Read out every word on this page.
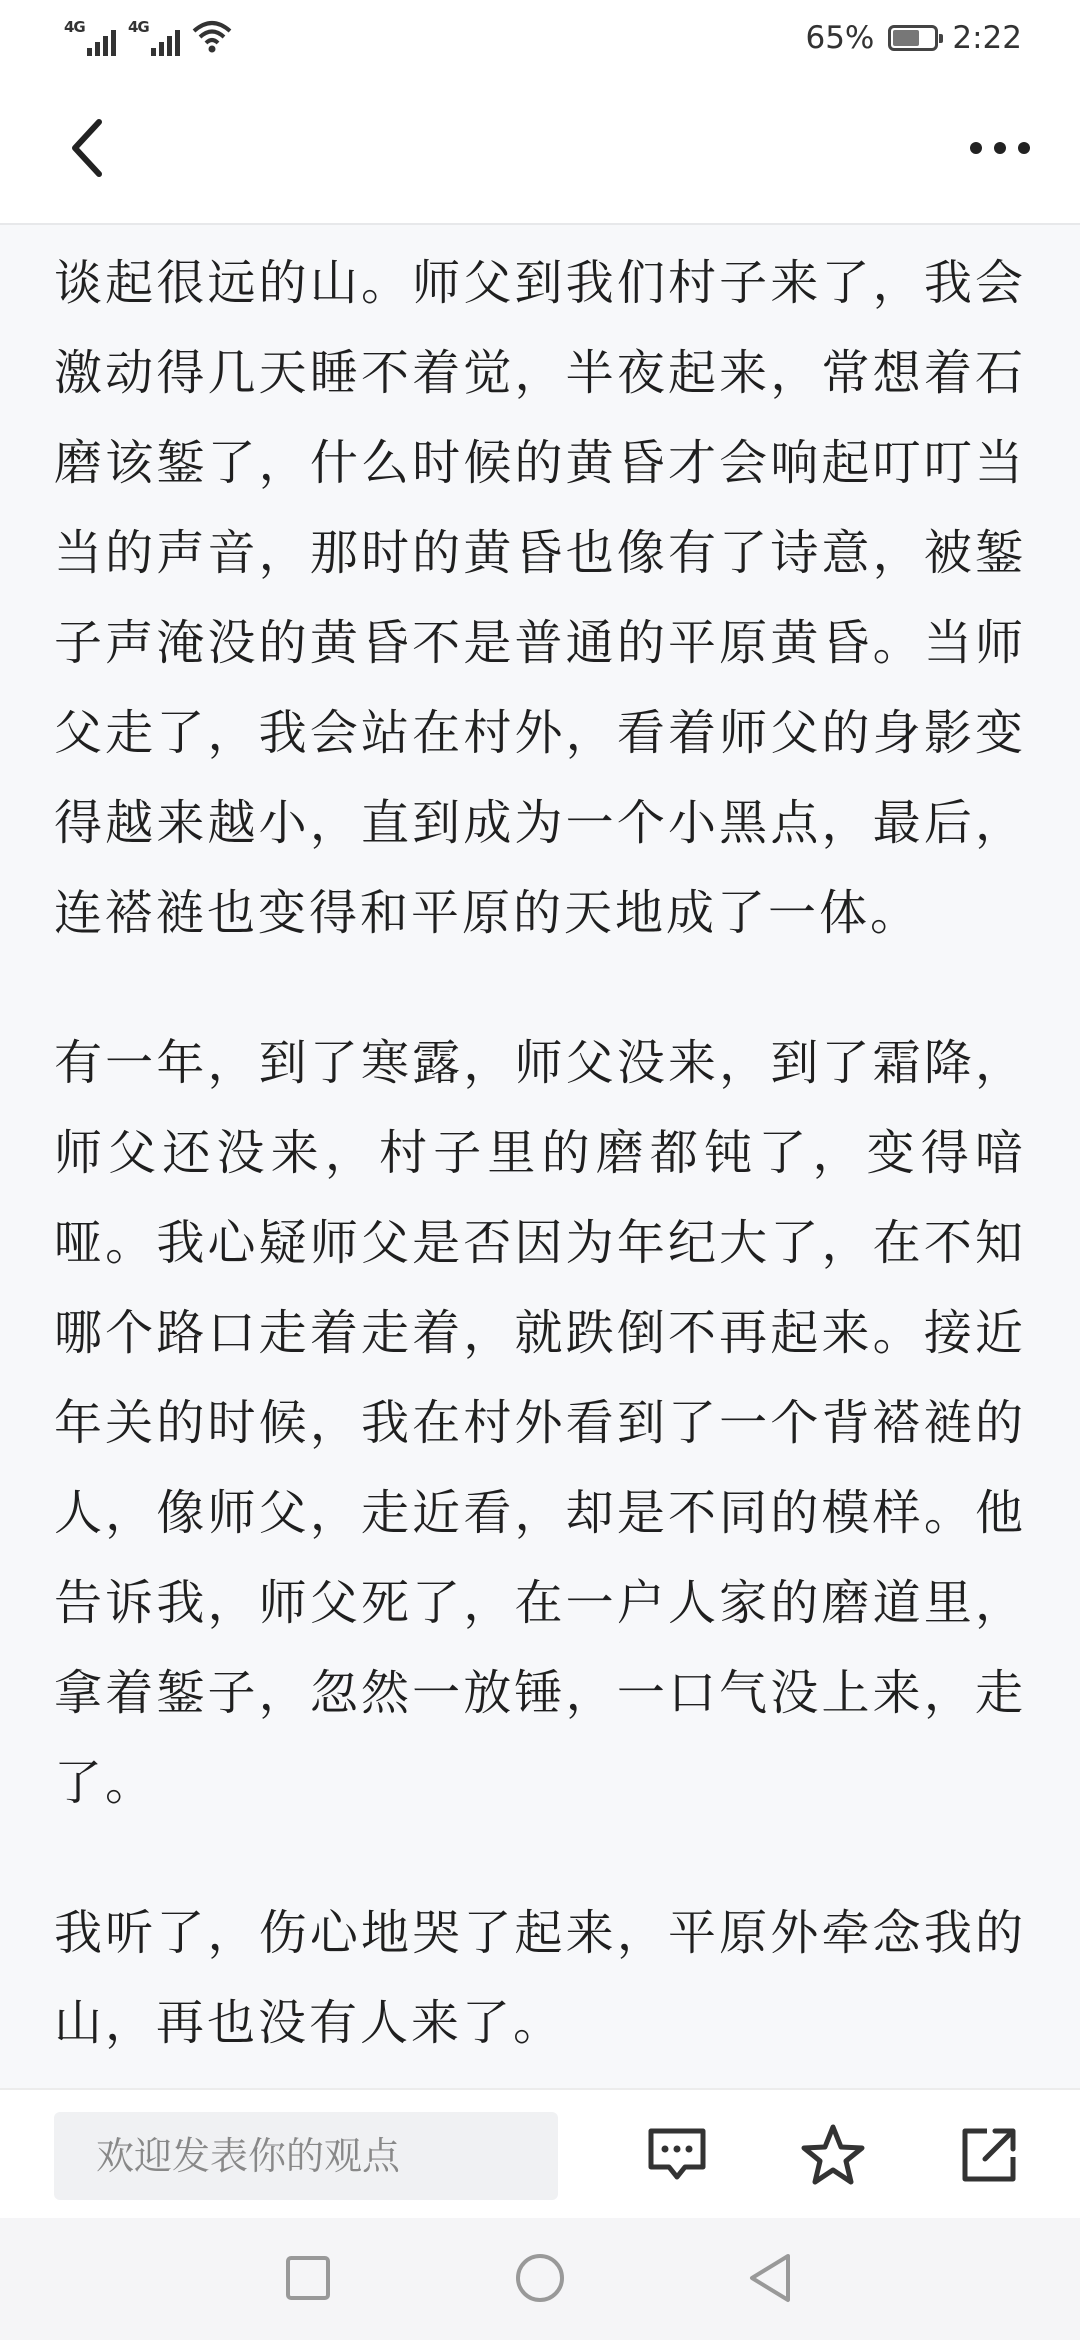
4G	4G	65%	2:22

谈起很远的山。师父到我们村子来了，我会激动得几天睡不着觉，半夜起来，常想着石磨该錾了，什么时候的黄昏才会响起叮叮当当的声音，那时的黄昏也像有了诗意，被錾子声淹没的黄昏不是普通的平原黄昏。当师父走了，我会站在村外，看着师父的身影变得越来越小，直到成为一个小黑点，最后，连褡裢也变得和平原的天地成了一体。

有一年，到了寒露，师父没来，到了霜降，师父还没来，村子里的磨都钝了，变得喑哑。我心疑师父是否因为年纪大了，在不知哪个路口走着走着，就跌倒不再起来。接近年关的时候，我在村外看到了一个背褡裢的人，像师父，走近看，却是不同的模样。他告诉我，师父死了，在一户人家的磨道里，拿着錾子，忽然一放锤，一口气没上来，走了。

我听了，伤心地哭了起来，平原外牵念我的山，再也没有人来了。

欢迎发表你的观点
